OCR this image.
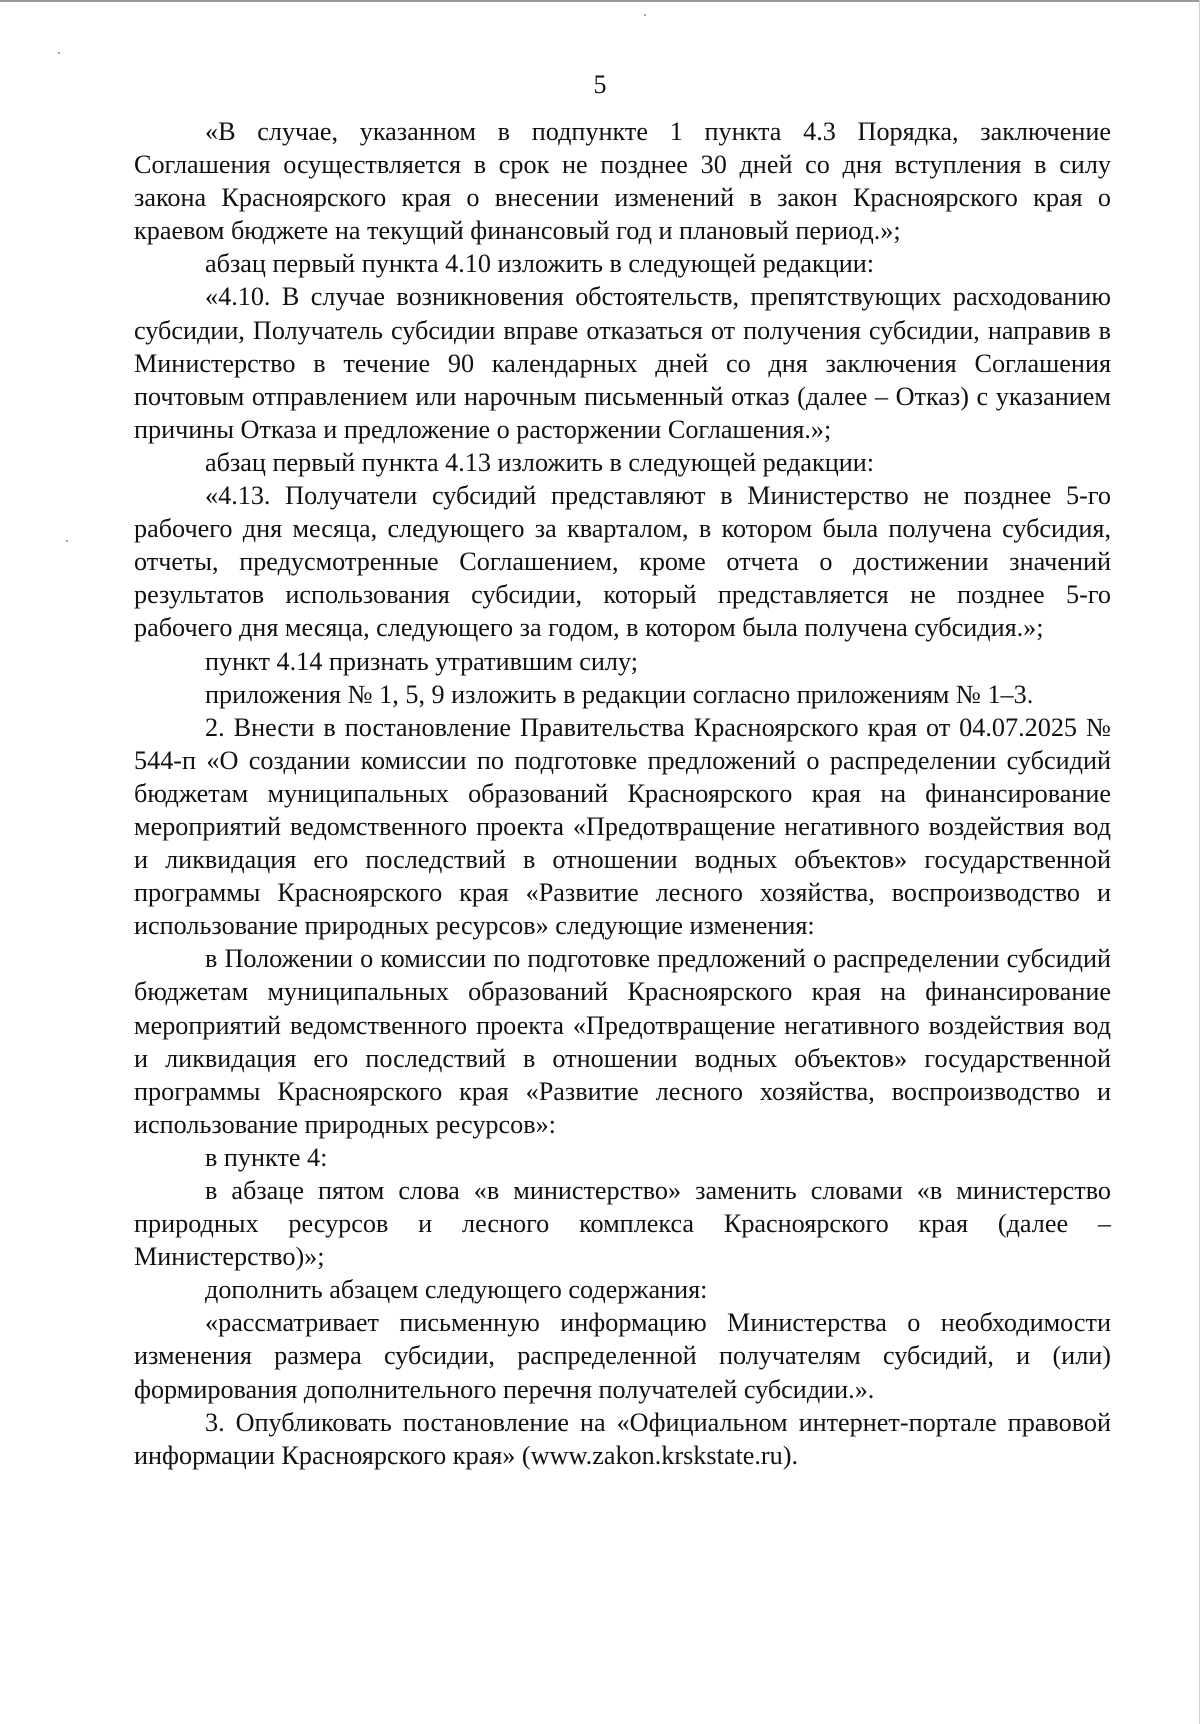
5

«В случае, указанном в подпункте 1 пункта 4.3 Порядка, заключение Соглашения осуществляется в срок не позднее 30 дней со дня вступления в силу закона Красноярского края о внесении изменений в закон Красноярского края о краевом бюджете на текущий финансовый год и плановый период.»;

абзац первый пункта 4.10 изложить в следующей редакции:

«4.10. В случае возникновения обстоятельств, препятствующих расходованию субсидии, Получатель субсидии вправе отказаться от получения субсидии, направив в Министерство в течение 90 календарных дней со дня заключения Соглашения почтовым отправлением или нарочным письменный отказ (далее – Отказ) с указанием причины Отказа и предложение о расторжении Соглашения.»;

абзац первый пункта 4.13 изложить в следующей редакции:

«4.13. Получатели субсидий представляют в Министерство не позднее 5-го рабочего дня месяца, следующего за кварталом, в котором была получена субсидия, отчеты, предусмотренные Соглашением, кроме отчета о достижении значений результатов использования субсидии, который представляется не позднее 5-го рабочего дня месяца, следующего за годом, в котором была получена субсидия.»;

пункт 4.14 признать утратившим силу;

приложения № 1, 5, 9 изложить в редакции согласно приложениям № 1–3.

2. Внести в постановление Правительства Красноярского края от 04.07.2025 № 544-п «О создании комиссии по подготовке предложений о распределении субсидий бюджетам муниципальных образований Красноярского края на финансирование мероприятий ведомственного проекта «Предотвращение негативного воздействия вод и ликвидация его последствий в отношении водных объектов» государственной программы Красноярского края «Развитие лесного хозяйства, воспроизводство и использование природных ресурсов» следующие изменения:

в Положении о комиссии по подготовке предложений о распределении субсидий бюджетам муниципальных образований Красноярского края на финансирование мероприятий ведомственного проекта «Предотвращение негативного воздействия вод и ликвидация его последствий в отношении водных объектов» государственной программы Красноярского края «Развитие лесного хозяйства, воспроизводство и использование природных ресурсов»:

в пункте 4:

в абзаце пятом слова «в министерство» заменить словами «в министерство природных ресурсов и лесного комплекса Красноярского края (далее – Министерство)»;

дополнить абзацем следующего содержания:

«рассматривает письменную информацию Министерства о необходимости изменения размера субсидии, распределенной получателям субсидий, и (или) формирования дополнительного перечня получателей субсидии.».

3. Опубликовать постановление на «Официальном интернет-портале правовой информации Красноярского края» (www.zakon.krskstate.ru).
